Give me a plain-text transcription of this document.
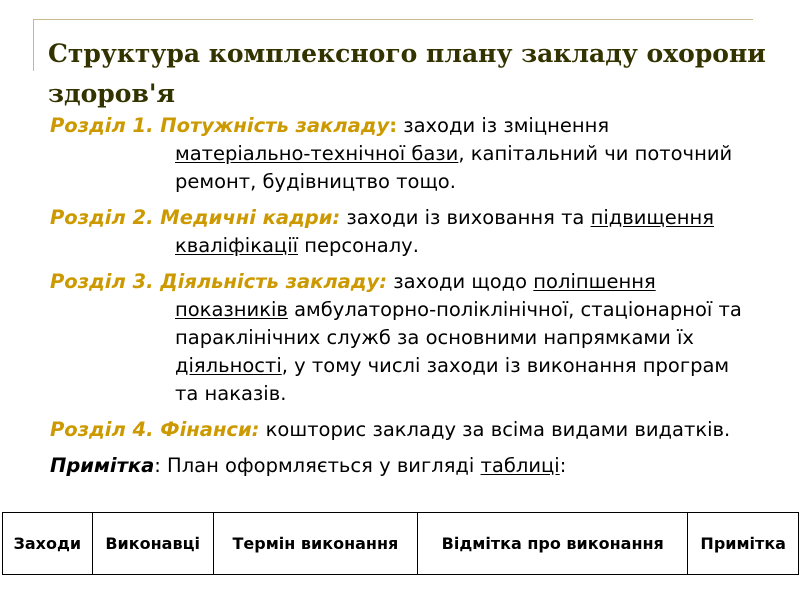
Структура комплексного плану закладу охорони здоров'я

Розділ 1. Потужність закладу: заходи із зміцнення матеріально-технічної бази, капітальний чи поточний ремонт, будівництво тощо.

Розділ 2. Медичні кадри: заходи із виховання та підвищення кваліфікації персоналу.

Розділ 3. Діяльність закладу: заходи щодо поліпшення показників амбулаторно-поліклінічної, стаціонарної та параклінічних служб за основними напрямками їх діяльності, у тому числі заходи із виконання програм та наказів.

Розділ 4. Фінанси: кошторис закладу за всіма видами видатків.

Примітка: План оформляється у вигляді таблиці:

Заходи	Виконавці	Термін виконання	Відмітка про виконання	Примітка
